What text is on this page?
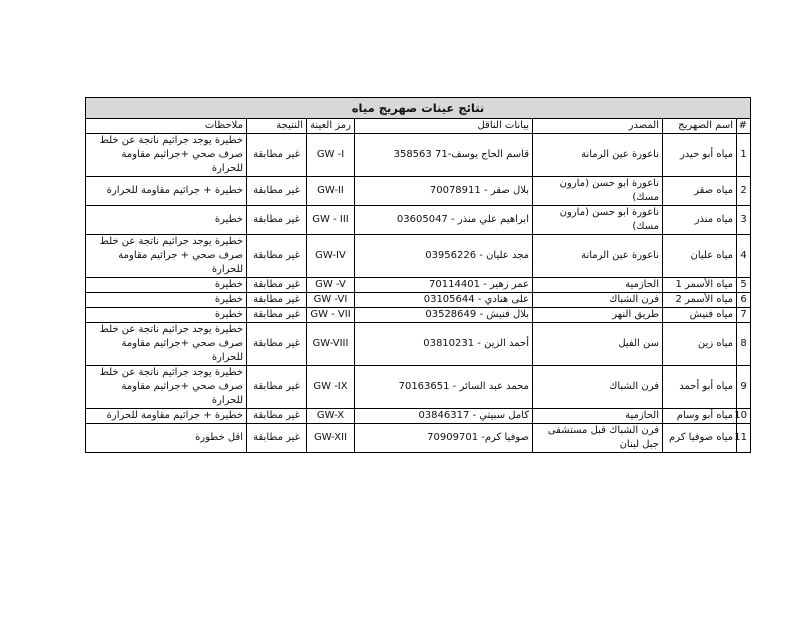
نتائج عينات صهريج مياه						
#	اسم الصهريج	المصدر	بيانات الناقل	رمز العينة	النتيجة	ملاحظات
1	مياه أبو حيدر	ناعورة عين الرمانة	قاسم الحاج يوسف-71 358563	GW -I	غير مطابقة	خطيرة يوجد جراثيم ناتجة عن خلط صرف صحي +جراثيم مقاومة للحرارة
2	مياه صقر	ناعورة ابو حسن (مارون مسك)	بلال صقر - 70078911	GW-II	غير مطابقة	خطيرة + جراثيم مقاومة للحرارة
3	مياه منذر	ناعورة ابو حسن (مارون مسك)	ابراهيم علي منذر - 03605047	GW - III	غير مطابقة	خطيرة
4	مياه عليان	ناعورة عين الرمانة	مجد عليان - 03956226	GW-IV	غير مطابقة	خطيرة يوجد جراثيم ناتجة عن خلط صرف صحي + جراثيم مقاومة للحرارة
5	مياه الأسمر 1	الحازمية	عمر زهير - 70114401	GW -V	غير مطابقة	خطيرة
6	مياه الأسمر 2	فرن الشباك	على هنادي - 03105644	GW -VI	غير مطابقة	خطيرة
7	مياه فنيش	طريق النهر	بلال فنيش - 03528649	GW - VII	غير مطابقة	خطيرة
8	مياه زين	سن الفيل	أحمد الزين - 03810231	GW-VIII	غير مطابقة	خطيرة يوجد جراثيم ناتجة عن خلط صرف صحي +جراثيم مقاومة للحرارة
9	مياه أبو أحمد	فرن الشباك	محمد عبد السائر - 70163651	GW -IX	غير مطابقة	خطيرة يوجد جراثيم ناتجة عن خلط صرف صحي +جراثيم مقاومة للحرارة
10	مياه أبو وسام	الحازمية	كامل سبيتي - 03846317	GW-X	غير مطابقة	خطيرة + جراثيم مقاومة للحرارة
11	مياه صوفيا كرم	فرن الشباك قبل مستشفى جبل لبنان	صوفيا كرم- 70909701	GW-XII	غير مطابقة	اقل خطورة
